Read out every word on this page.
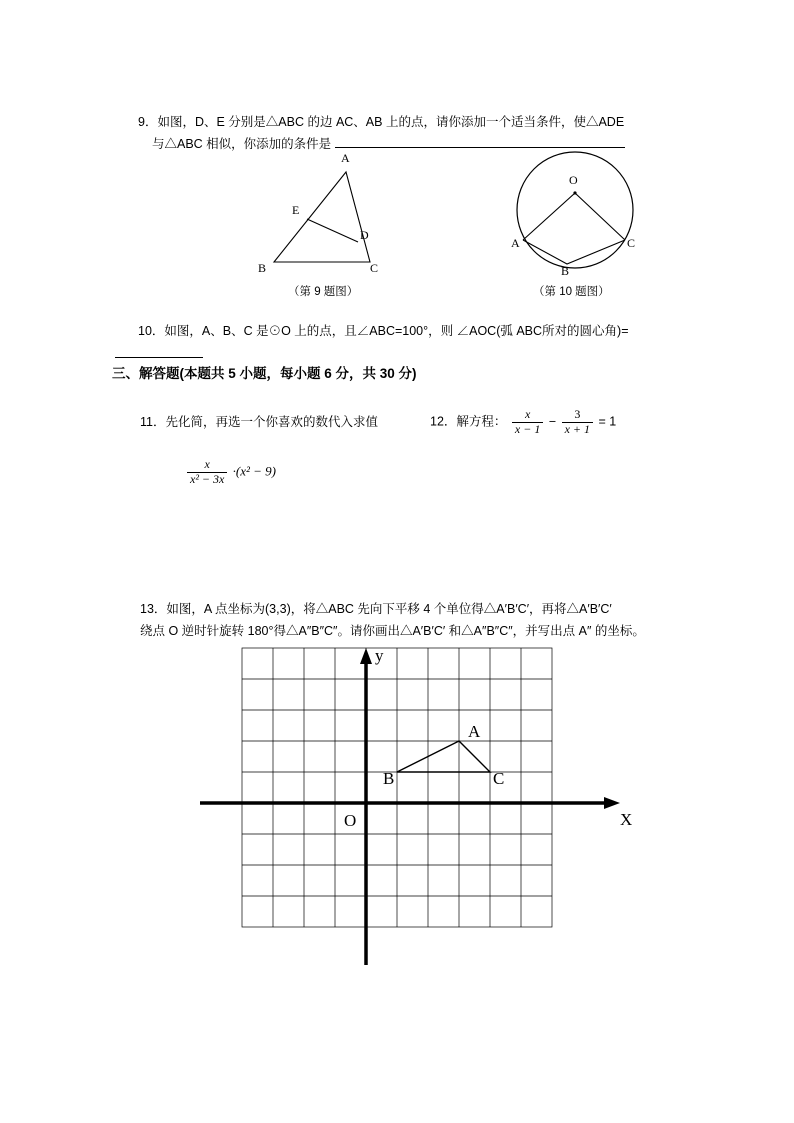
9．如图，D、E 分别是△ABC 的边 AC、AB 上的点，请你添加一个适当条件，使△ADE
与△ABC 相似，你添加的条件是
A
E
D
B	C
（第 9 题图）
O
A
B
C
（第 10 题图）
10．如图，A、B、C 是⊙O 上的点，且∠ABC=100°，则 ∠AOC(弧 ABC所对的圆心角)=
三、解答题(本题共 5 小题，每小题 6 分，共 30 分)
11．先化简，再选一个你喜欢的数代入求值
$\frac{x}{\text{x² − 3x}} \cdot(x^2 - 9)$
12．解方程： $\frac{x}{x - 1} - \frac{3}{x + 1} = 1$
13．如图，A 点坐标为(3,3)，将△ABC 先向下平移 4 个单位得△A′B′C′，再将△A′B′C′
绕点 O 逆时针旋转 180°得△A″B″C″。请你画出△A′B′C′ 和△A″B″C″，并写出点 A″ 的坐标。
y
X
O
A
B	C
